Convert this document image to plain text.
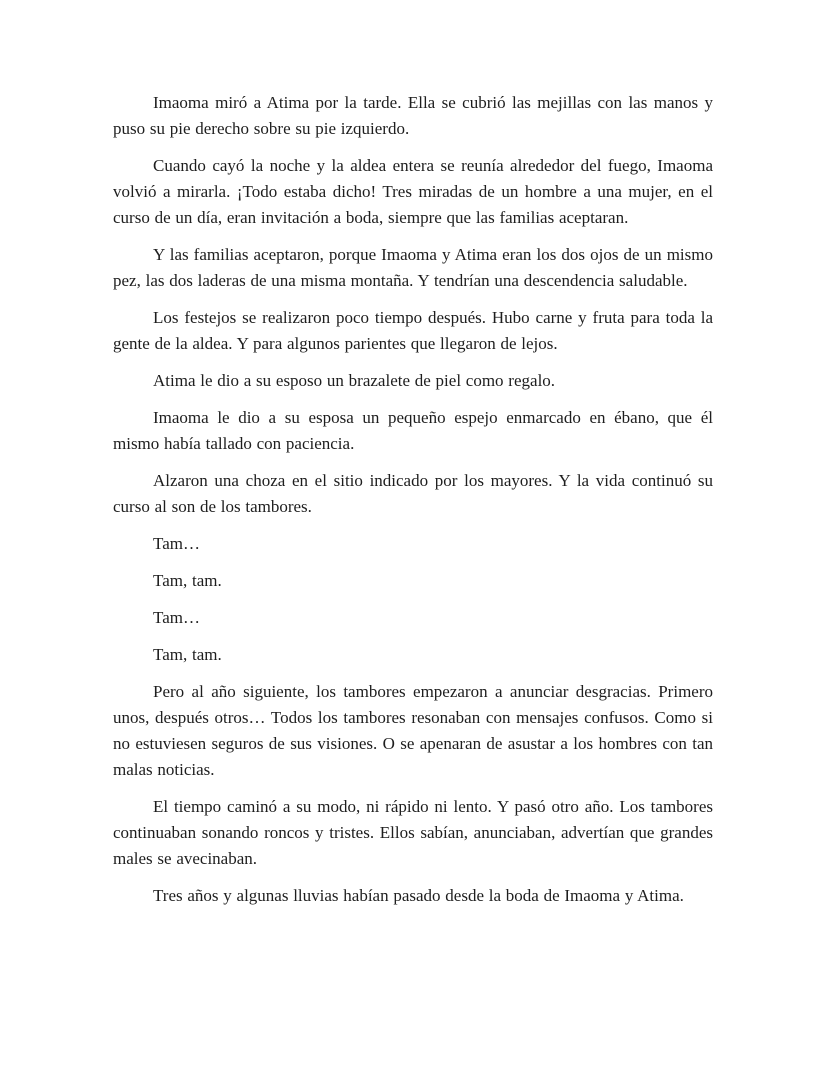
Imaoma miró a Atima por la tarde. Ella se cubrió las mejillas con las manos y puso su pie derecho sobre su pie izquierdo.

Cuando cayó la noche y la aldea entera se reunía alrededor del fuego, Imaoma volvió a mirarla. ¡Todo estaba dicho! Tres miradas de un hombre a una mujer, en el curso de un día, eran invitación a boda, siempre que las familias aceptaran.

Y las familias aceptaron, porque Imaoma y Atima eran los dos ojos de un mismo pez, las dos laderas de una misma montaña. Y tendrían una descendencia saludable.

Los festejos se realizaron poco tiempo después. Hubo carne y fruta para toda la gente de la aldea. Y para algunos parientes que llegaron de lejos.

Atima le dio a su esposo un brazalete de piel como regalo.

Imaoma le dio a su esposa un pequeño espejo enmarcado en ébano, que él mismo había tallado con paciencia.

Alzaron una choza en el sitio indicado por los mayores. Y la vida continuó su curso al son de los tambores.

Tam…

Tam, tam.

Tam…

Tam, tam.

Pero al año siguiente, los tambores empezaron a anunciar desgracias. Primero unos, después otros… Todos los tambores resonaban con mensajes confusos. Como si no estuviesen seguros de sus visiones. O se apenaran de asustar a los hombres con tan malas noticias.

El tiempo caminó a su modo, ni rápido ni lento. Y pasó otro año. Los tambores continuaban sonando roncos y tristes. Ellos sabían, anunciaban, advertían que grandes males se avecinaban.

Tres años y algunas lluvias habían pasado desde la boda de Imaoma y Atima.
